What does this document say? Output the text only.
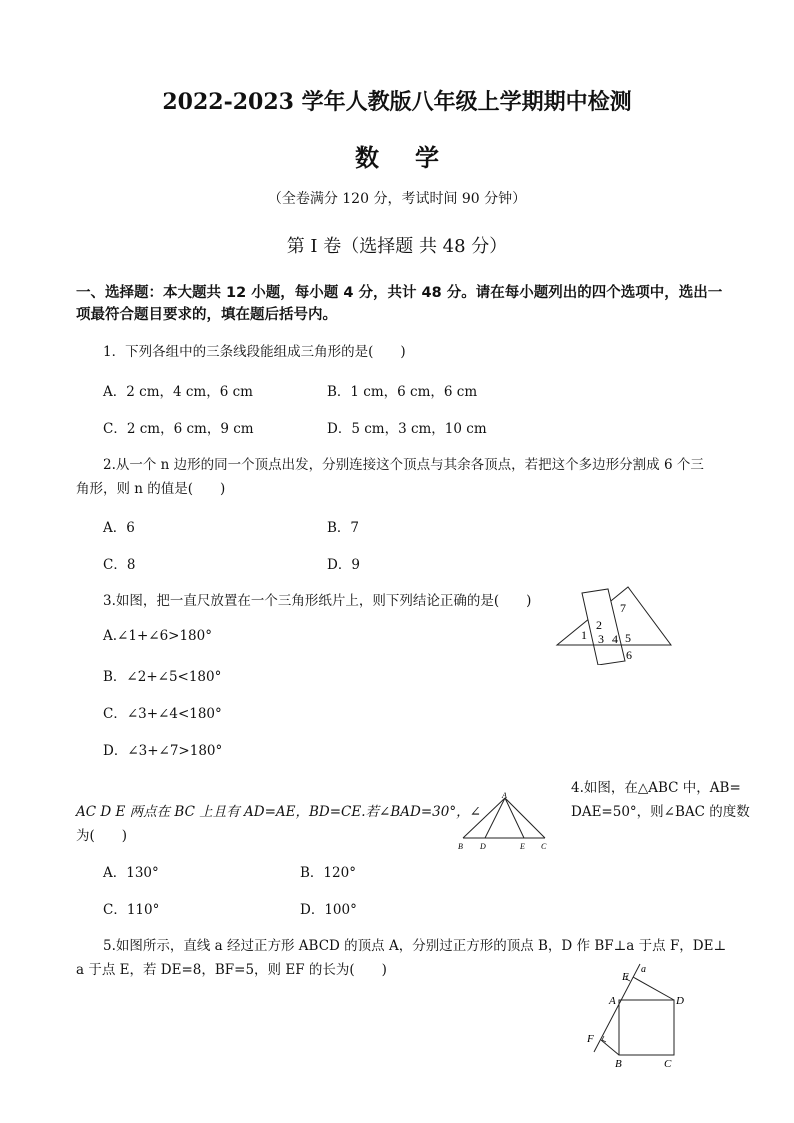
2022-2023 学年人教版八年级上学期期中检测
数学
（全卷满分 120 分，考试时间 90 分钟）
第 I 卷（选择题 共 48 分）
一、选择题：本大题共 12 小题，每小题 4 分，共计 48 分。请在每小题列出的四个选项中，选出一项最符合题目要求的，填在题后括号内。
1．下列各组中的三条线段能组成三角形的是(　　)
A．2 cm，4 cm，6 cm	B．1 cm，6 cm，6 cm
C．2 cm，6 cm，9 cm	D．5 cm，3 cm，10 cm
2.从一个 n 边形的同一个顶点出发，分别连接这个顶点与其余各顶点，若把这个多边形分割成 6 个三
角形，则 n 的值是(　　)
A．6	B．7
C．8	D．9
3.如图，把一直尺放置在一个三角形纸片上，则下列结论正确的是(　　)
A.∠1+∠6>180°
B．∠2+∠5<180°
C．∠3+∠4<180°
D．∠3+∠7>180°
1
2
3 4 5
6
7
4.如图，在△ABC 中，AB=
AC D E 两点在 BC 上且有 AD=AE，BD=CE.若∠BAD=30°，∠	DAE=50°，则∠BAC 的度数
为(　　)
A
B D	E C
A．130°	B．120°
C．110°	D．100°
5.如图所示，直线 a 经过正方形 ABCD 的顶点 A，分别过正方形的顶点 B，D 作 BF⊥a 于点 F，DE⊥
a 于点 E，若 DE=8，BF=5，则 EF 的长为(　　)	E
a
A	D
F
B	C
